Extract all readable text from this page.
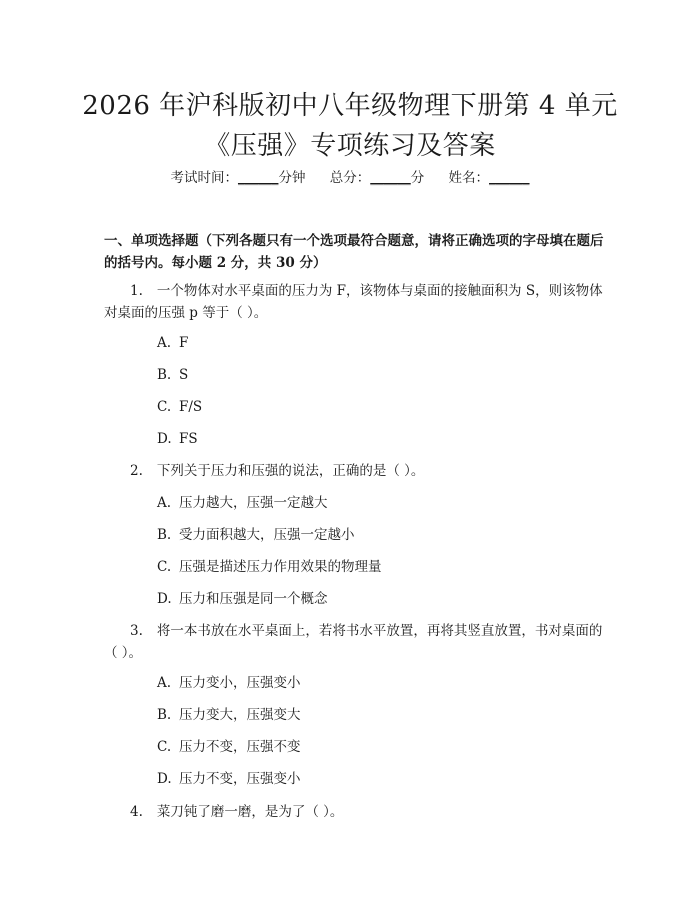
2026 年沪科版初中八年级物理下册第 4 单元
《压强》专项练习及答案
考试时间：______分钟 总分：______分 姓名：______
一、单项选择题（下列各题只有一个选项最符合题意，请将正确选项的字母填在题后的括号内。每小题 2 分，共 30 分）
1. 一个物体对水平桌面的压力为 F，该物体与桌面的接触面积为 S，则该物体对桌面的压强 p 等于（ ）。
A. F
B. S
C. F/S
D. FS
2. 下列关于压力和压强的说法，正确的是（ ）。
A. 压力越大，压强一定越大
B. 受力面积越大，压强一定越小
C. 压强是描述压力作用效果的物理量
D. 压力和压强是同一个概念
3. 将一本书放在水平桌面上，若将书水平放置，再将其竖直放置，书对桌面的（ ）。
A. 压力变小，压强变小
B. 压力变大，压强变大
C. 压力不变，压强不变
D. 压力不变，压强变小
4. 菜刀钝了磨一磨，是为了（ ）。
